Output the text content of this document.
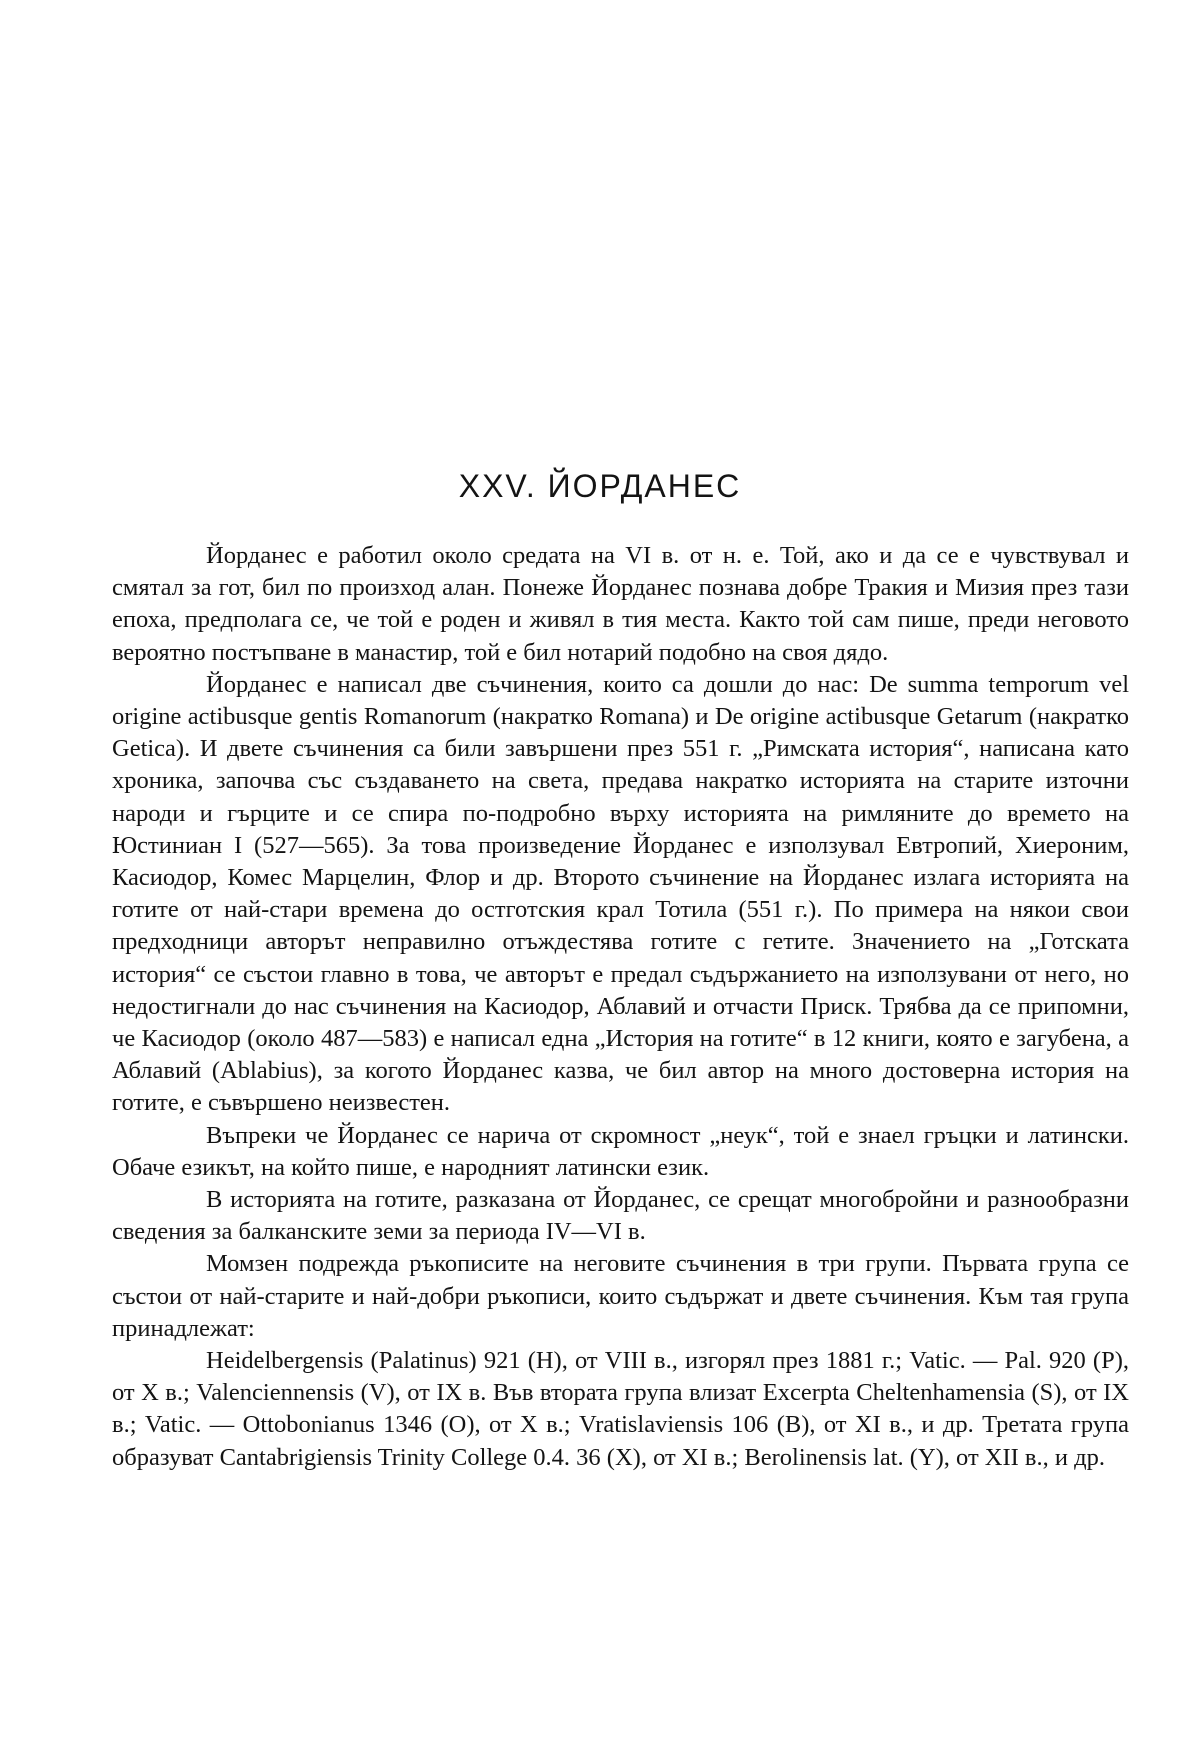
XXV. ЙОРДАНЕС

Йорданес е работил около средата на VI в. от н. е. Той, ако и да се е чувствувал и смятал за гот, бил по произход алан. Понеже Йорданес познава добре Тракия и Мизия през тази епоха, предполага се, че той е роден и живял в тия места. Както той сам пише, преди неговото вероятно постъпване в манастир, той е бил нотарий подобно на своя дядо.

Йорданес е написал две съчинения, които са дошли до нас: De summa temporum vel origine actibusque gentis Romanorum (накратко Romana) и De origine actibusque Getarum (накратко Getica). И двете съчинения са били завършени през 551 г. „Римската история“, написана като хроника, започва със създаването на света, предава накратко историята на старите източни народи и гърците и се спира по-подробно върху историята на римляните до времето на Юстиниан I (527—565). За това произведение Йорданес е използувал Евтропий, Хиероним, Касиодор, Комес Марцелин, Флор и др. Второто съчинение на Йорданес излага историята на готите от най-стари времена до остготския крал Тотила (551 г.). По примера на някои свои предходници авторът неправилно отъждестява готите с гетите. Значението на „Готската история“ се състои главно в това, че авторът е предал съдържанието на използувани от него, но недостигнали до нас съчинения на Касиодор, Аблавий и отчасти Приск. Трябва да се припомни, че Касиодор (около 487—583) е написал една „История на готите“ в 12 книги, която е загубена, а Аблавий (Ablabius), за когото Йорданес казва, че бил автор на много достоверна история на готите, е съвършено неизвестен.

Въпреки че Йорданес се нарича от скромност „неук“, той е знаел гръцки и латински. Обаче езикът, на който пише, е народният латински език.

В историята на готите, разказана от Йорданес, се срещат многобройни и разнообразни сведения за балканските земи за периода IV—VI в.

Момзен подрежда ръкописите на неговите съчинения в три групи. Първата група се състои от най-старите и най-добри ръкописи, които съдържат и двете съчинения. Към тая група принадлежат:

Heidelbergensis (Palatinus) 921 (H), от VIII в., изгорял през 1881 г.; Vatic. — Pal. 920 (P), от X в.; Valenciennensis (V), от IX в. Във втората група влизат Excerpta Cheltenhamensia (S), от IX в.; Vatic. — Ottobonianus 1346 (O), от X в.; Vratislaviensis 106 (B), от XI в., и др. Третата група образуват Cantabrigiensis Trinity College 0.4. 36 (X), от XI в.; Berolinensis lat. (Y), от XII в., и др.
